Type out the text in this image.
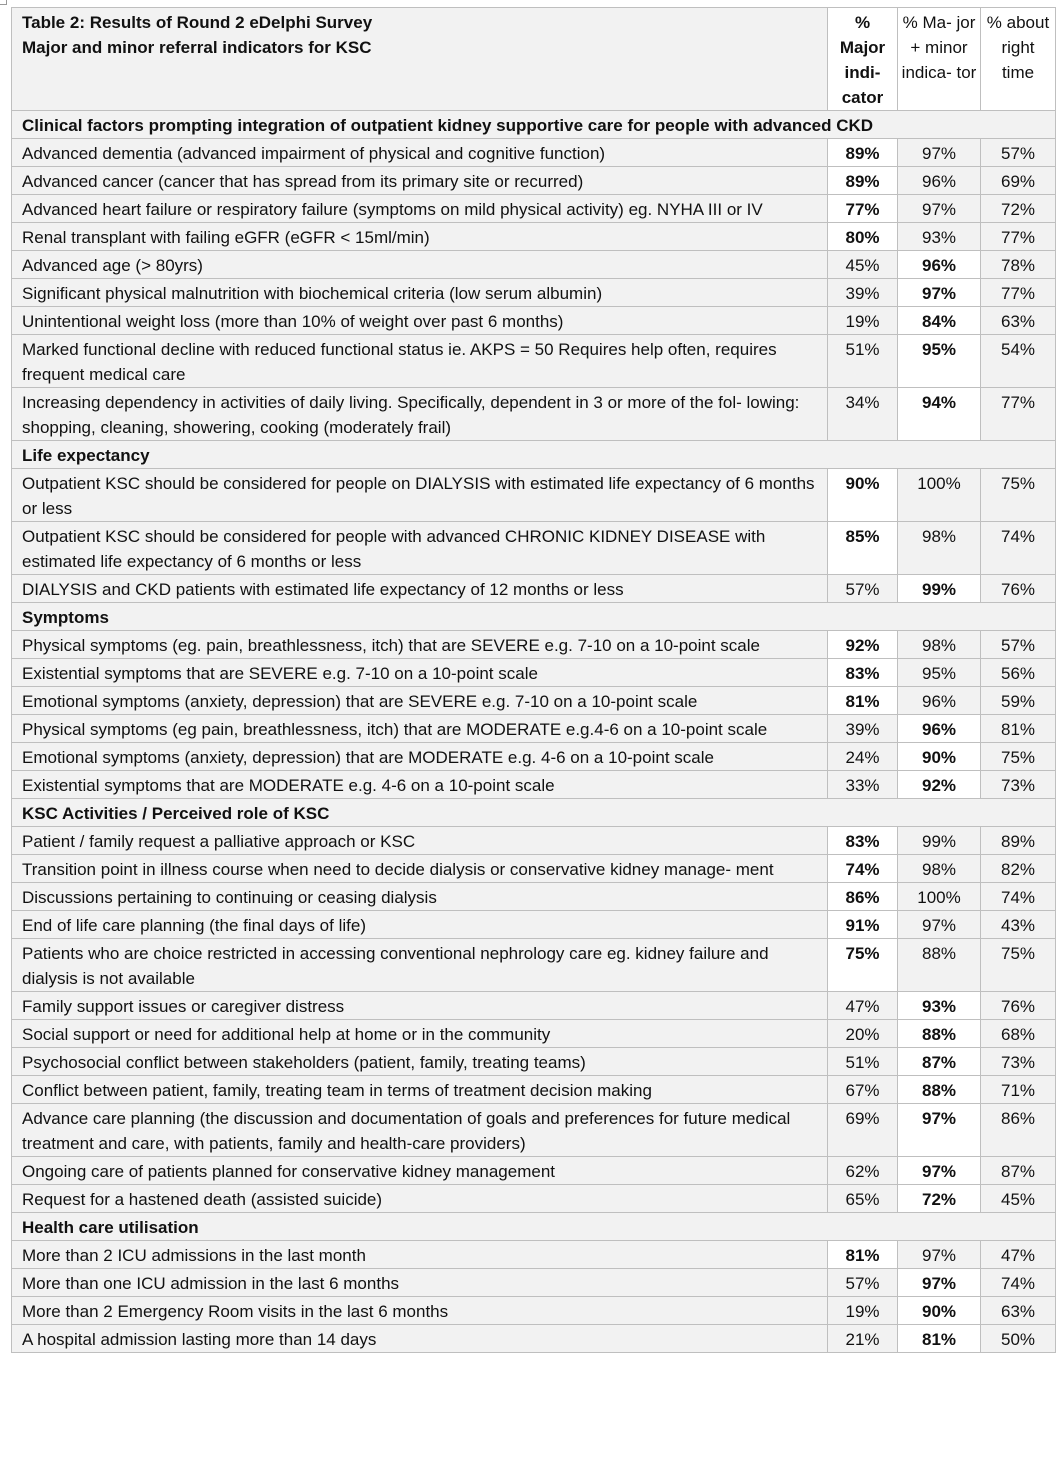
Table 2: Results of Round 2 eDelphi Survey
Major and minor referral indicators for KSC	% Major indi- cator	% Ma- jor + minor indica- tor	% about right time
Clinical factors prompting integration of outpatient kidney supportive care for people with advanced CKD			
Advanced dementia (advanced impairment of physical and cognitive function)	89%	97%	57%
Advanced cancer (cancer that has spread from its primary site or recurred)	89%	96%	69%
Advanced heart failure or respiratory failure (symptoms on mild physical activity) eg. NYHA III or IV	77%	97%	72%
Renal transplant with failing eGFR (eGFR < 15ml/min)	80%	93%	77%
Advanced age (> 80yrs)	45%	96%	78%
Significant physical malnutrition with biochemical criteria (low serum albumin)	39%	97%	77%
Unintentional weight loss (more than 10% of weight over past 6 months)	19%	84%	63%
Marked functional decline with reduced functional status ie. AKPS = 50 Requires help often, requires frequent medical care	51%	95%	54%
Increasing dependency in activities of daily living. Specifically, dependent in 3 or more of the fol- lowing: shopping, cleaning, showering, cooking (moderately frail)	34%	94%	77%
Life expectancy			
Outpatient KSC should be considered for people on DIALYSIS with estimated life expectancy of 6 months or less	90%	100%	75%
Outpatient KSC should be considered for people with advanced CHRONIC KIDNEY DISEASE with estimated life expectancy of 6 months or less	85%	98%	74%
DIALYSIS and CKD patients with estimated life expectancy of 12 months or less	57%	99%	76%
Symptoms			
Physical symptoms (eg. pain, breathlessness, itch) that are SEVERE e.g. 7-10 on a 10-point scale	92%	98%	57%
Existential symptoms that are SEVERE e.g. 7-10 on a 10-point scale	83%	95%	56%
Emotional symptoms (anxiety, depression) that are SEVERE e.g. 7-10 on a 10-point scale	81%	96%	59%
Physical symptoms (eg pain, breathlessness, itch) that are MODERATE e.g.4-6 on a 10-point scale	39%	96%	81%
Emotional symptoms (anxiety, depression) that are MODERATE e.g. 4-6 on a 10-point scale	24%	90%	75%
Existential symptoms that are MODERATE e.g. 4-6 on a 10-point scale	33%	92%	73%
KSC Activities / Perceived role of KSC			
Patient / family request a palliative approach or KSC	83%	99%	89%
Transition point in illness course when need to decide dialysis or conservative kidney manage- ment	74%	98%	82%
Discussions pertaining to continuing or ceasing dialysis	86%	100%	74%
End of life care planning (the final days of life)	91%	97%	43%
Patients who are choice restricted in accessing conventional nephrology care eg. kidney failure and dialysis is not available	75%	88%	75%
Family support issues or caregiver distress	47%	93%	76%
Social support or need for additional help at home or in the community	20%	88%	68%
Psychosocial conflict between stakeholders (patient, family, treating teams)	51%	87%	73%
Conflict between patient, family, treating team in terms of treatment decision making	67%	88%	71%
Advance care planning (the discussion and documentation of goals and preferences for future medical treatment and care, with patients, family and health-care providers)	69%	97%	86%
Ongoing care of patients planned for conservative kidney management	62%	97%	87%
Request for a hastened death (assisted suicide)	65%	72%	45%
Health care utilisation			
More than 2 ICU admissions in the last month	81%	97%	47%
More than one ICU admission in the last 6 months	57%	97%	74%
More than 2 Emergency Room visits in the last 6 months	19%	90%	63%
A hospital admission lasting more than 14 days	21%	81%	50%
